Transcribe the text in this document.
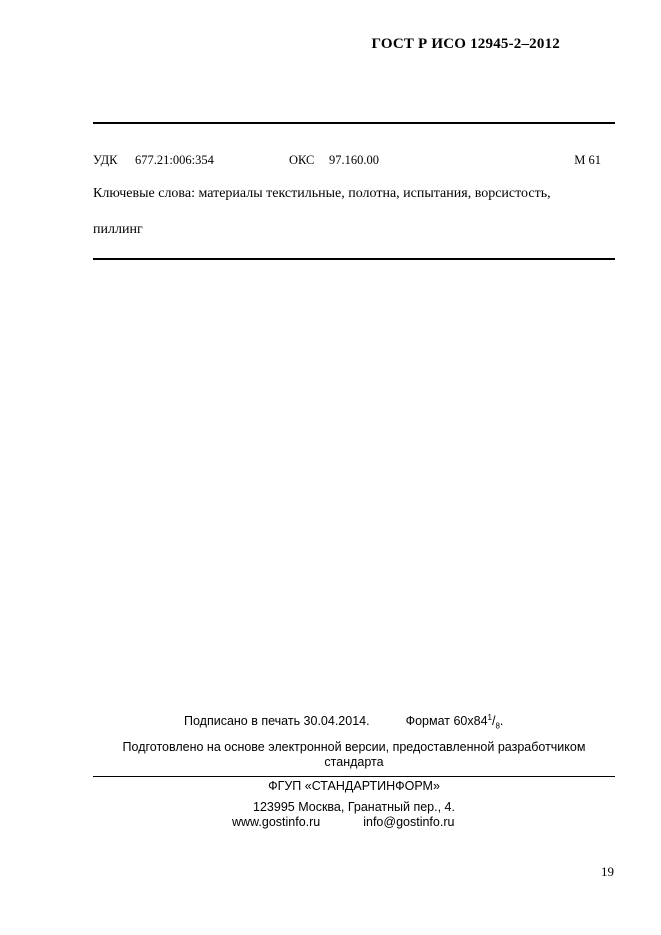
ГОСТ Р ИСО 12945-2–2012
УДК 677.21:006:354	ОКС 97.160.00	М 61
Ключевые слова: материалы текстильные, полотна, испытания, ворсистость,
пиллинг
Подписано в печать 30.04.2014.	Формат $60x84^1/_8$.
Подготовлено на основе электронной версии, предоставленной разработчиком
стандарта
ФГУП «СТАНДАРТИНФОРМ»
123995 Москва, Гранатный пер., 4.
www.gostinfo.ru	info@gostinfo.ru
19
